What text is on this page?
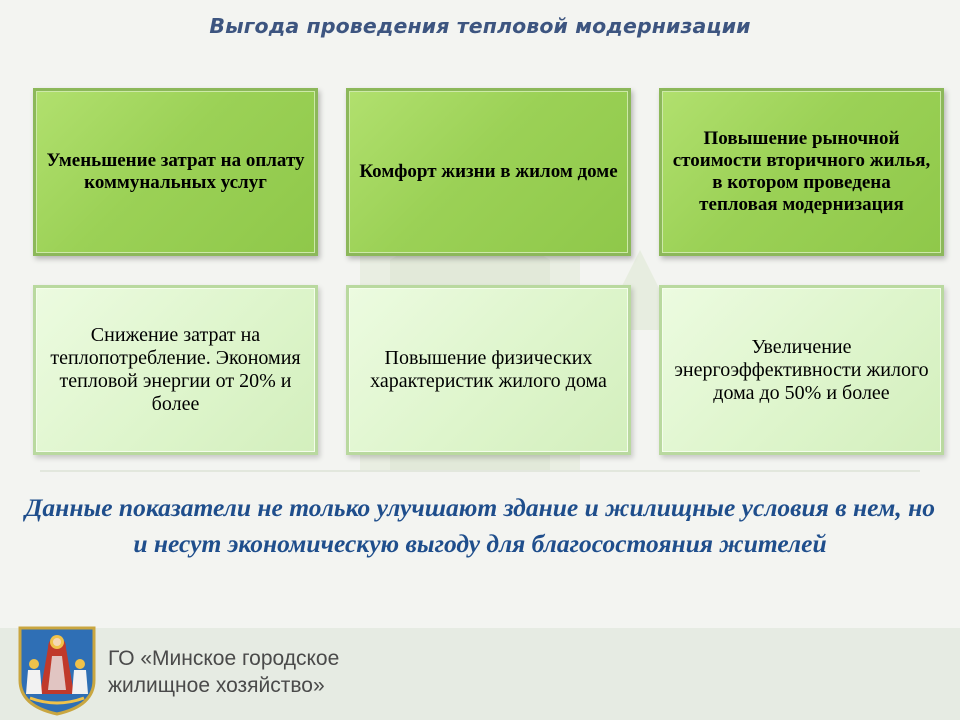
Выгода проведения тепловой модернизации
Уменьшение затрат на оплату коммунальных услуг
Комфорт жизни в жилом доме
Повышение рыночной стоимости вторичного жилья, в котором проведена тепловая модернизация
Снижение затрат на теплопотребление. Экономия тепловой энергии от 20% и более
Повышение физических характеристик жилого дома
Увеличение энергоэффективности жилого дома до 50% и более
Данные показатели не только улучшают здание и жилищные условия в нем, но и несут экономическую выгоду для благосостояния жителей
ГО «Минское городское
жилищное хозяйство»
